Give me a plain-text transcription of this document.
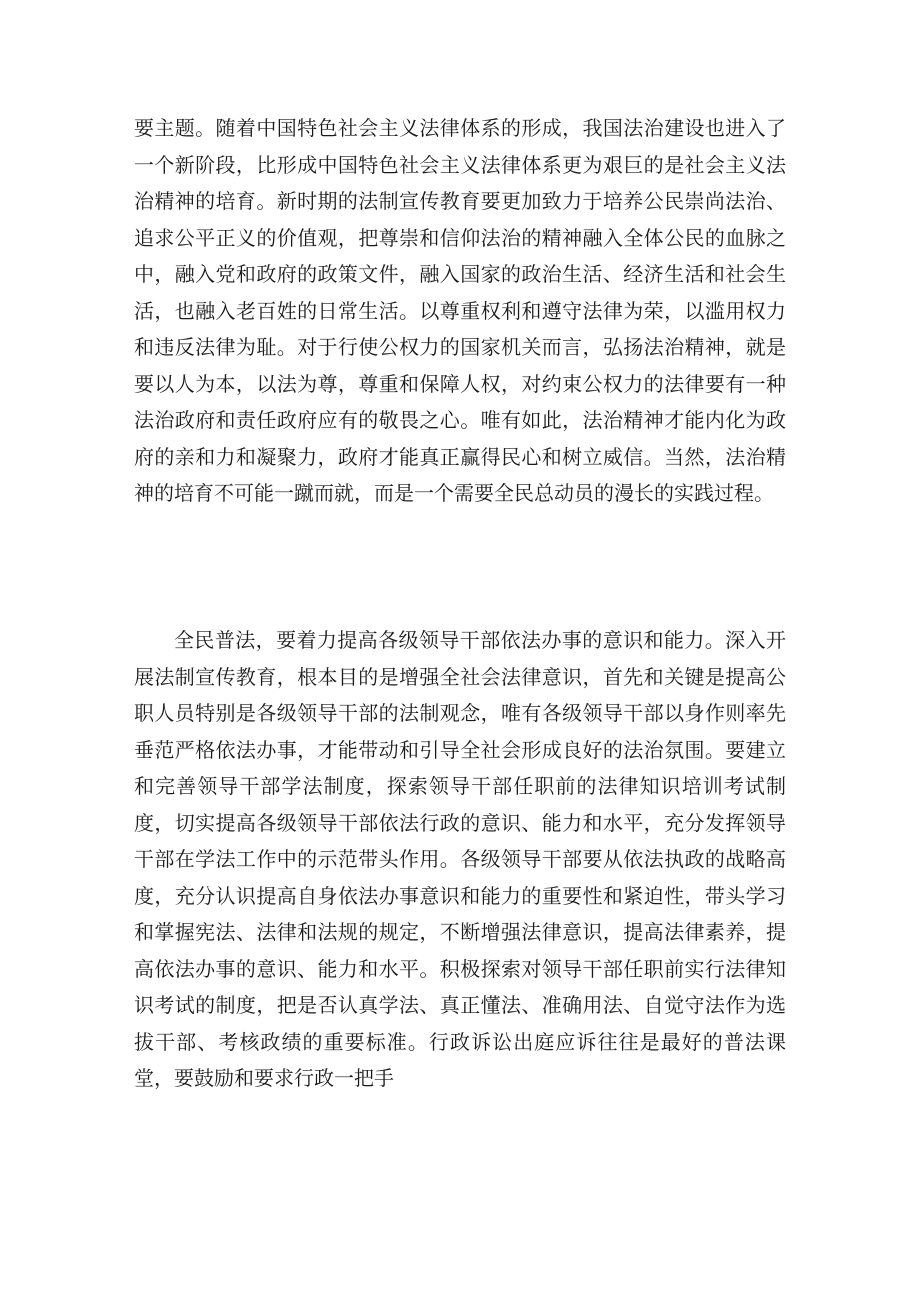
要主题。随着中国特色社会主义法律体系的形成，我国法治建设也进入了一个新阶段，比形成中国特色社会主义法律体系更为艰巨的是社会主义法治精神的培育。新时期的法制宣传教育要更加致力于培养公民崇尚法治、追求公平正义的价值观，把尊崇和信仰法治的精神融入全体公民的血脉之中，融入党和政府的政策文件，融入国家的政治生活、经济生活和社会生活，也融入老百姓的日常生活。以尊重权利和遵守法律为荣，以滥用权力和违反法律为耻。对于行使公权力的国家机关而言，弘扬法治精神，就是要以人为本，以法为尊，尊重和保障人权，对约束公权力的法律要有一种法治政府和责任政府应有的敬畏之心。唯有如此，法治精神才能内化为政府的亲和力和凝聚力，政府才能真正赢得民心和树立威信。当然，法治精神的培育不可能一蹴而就，而是一个需要全民总动员的漫长的实践过程。

全民普法，要着力提高各级领导干部依法办事的意识和能力。深入开展法制宣传教育，根本目的是增强全社会法律意识，首先和关键是提高公职人员特别是各级领导干部的法制观念，唯有各级领导干部以身作则率先垂范严格依法办事，才能带动和引导全社会形成良好的法治氛围。要建立和完善领导干部学法制度，探索领导干部任职前的法律知识培训考试制度，切实提高各级领导干部依法行政的意识、能力和水平，充分发挥领导干部在学法工作中的示范带头作用。各级领导干部要从依法执政的战略高度，充分认识提高自身依法办事意识和能力的重要性和紧迫性，带头学习和掌握宪法、法律和法规的规定，不断增强法律意识，提高法律素养，提高依法办事的意识、能力和水平。积极探索对领导干部任职前实行法律知识考试的制度，把是否认真学法、真正懂法、准确用法、自觉守法作为选拔干部、考核政绩的重要标准。行政诉讼出庭应诉往往是最好的普法课堂，要鼓励和要求行政一把手
